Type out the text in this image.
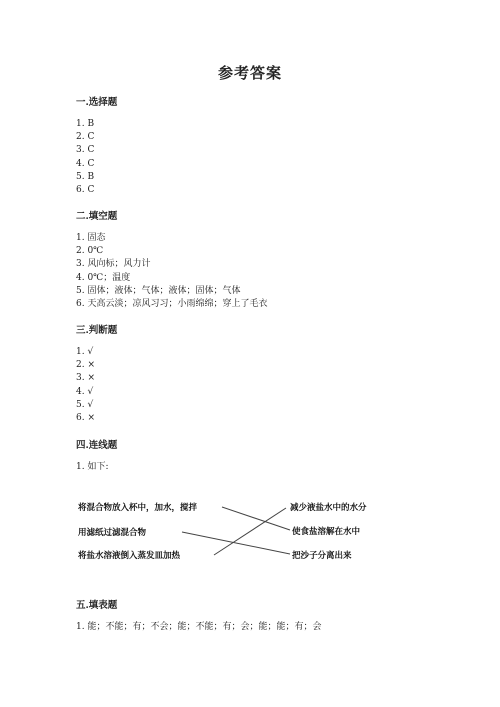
参考答案
一.选择题
1. B
2. C
3. C
4. C
5. B
6. C
二.填空题
1. 固态
2. 0℃
3. 风向标；风力计
4. 0℃；温度
5. 固体；液体；气体；液体；固体；气体
6. 天高云淡；凉风习习；小雨绵绵；穿上了毛衣
三.判断题
1. √
2. ×
3. ×
4. √
5. √
6. ×
四.连线题
1. 如下:
将混合物放入杯中，加水，搅拌
用滤纸过滤混合物
将盐水溶液倒入蒸发皿加热
减少液盐水中的水分
使食盐溶解在水中
把沙子分离出来
五.填表题
1. 能；不能；有；不会；能；不能；有；会；能；能；有；会
